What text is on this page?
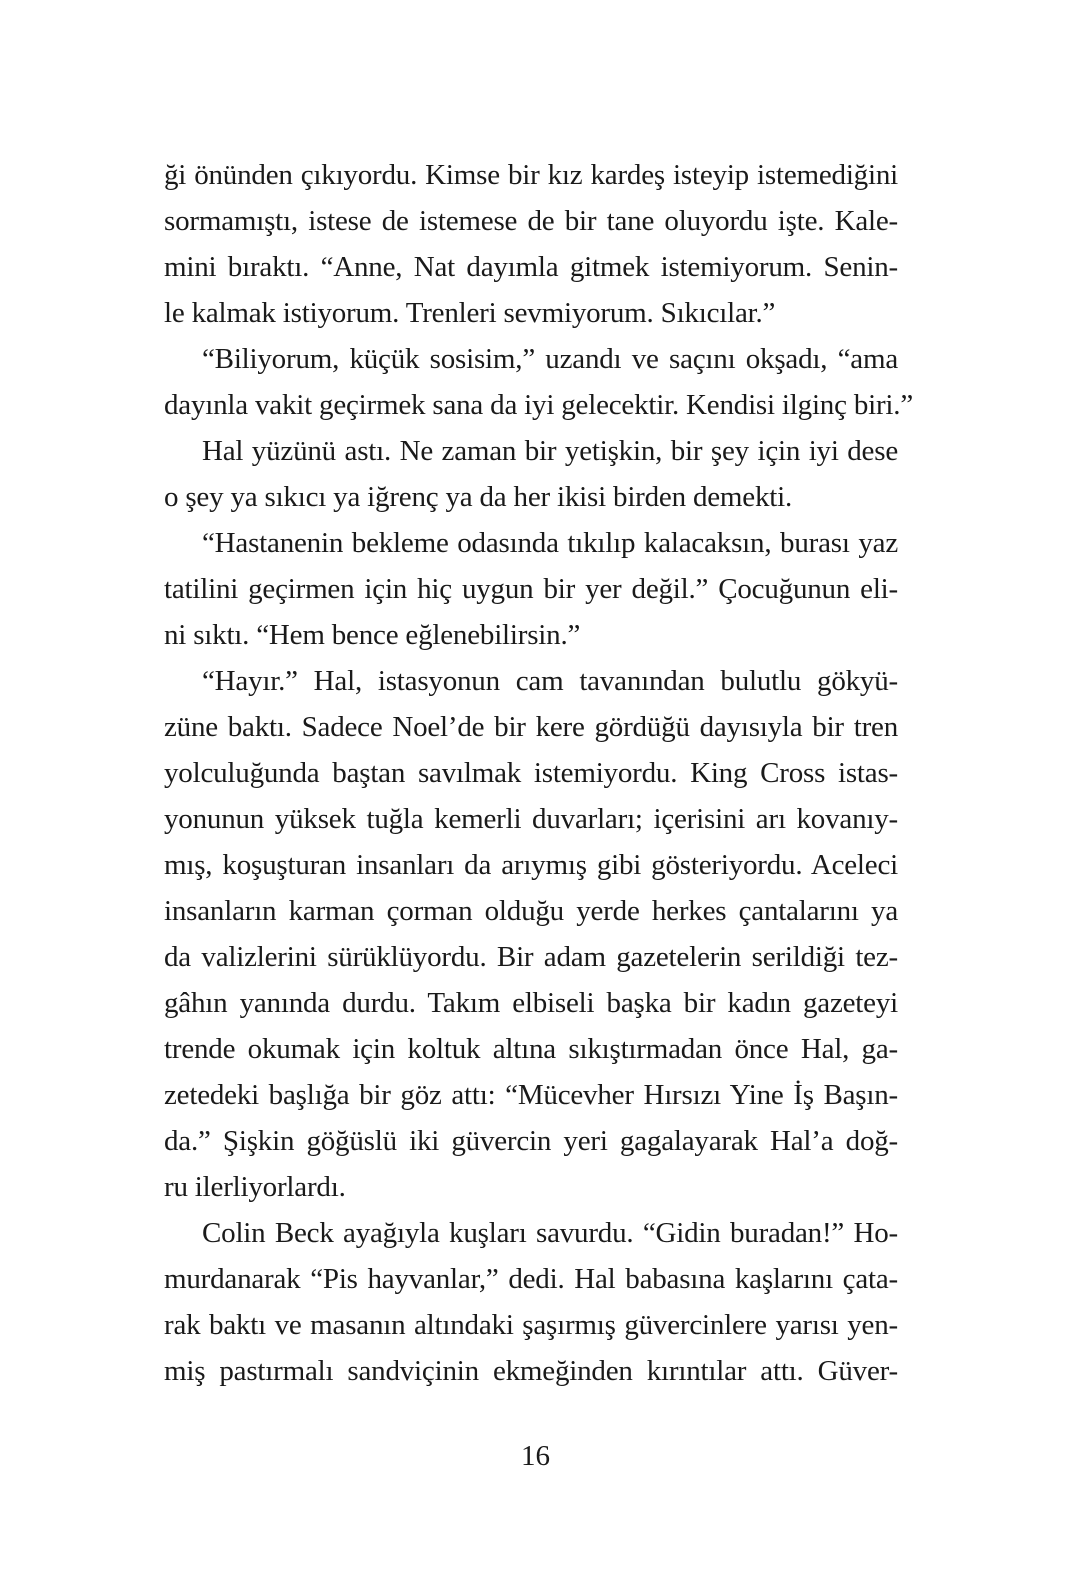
ği önünden çıkıyordu. Kimse bir kız kardeş isteyip istemediğini
sormamıştı, istese de istemese de bir tane oluyordu işte. Kale-
mini bıraktı. “Anne, Nat dayımla gitmek istemiyorum. Senin-
le kalmak istiyorum. Trenleri sevmiyorum. Sıkıcılar.”
“Biliyorum, küçük sosisim,” uzandı ve saçını okşadı, “ama
dayınla vakit geçirmek sana da iyi gelecektir. Kendisi ilginç biri.”
Hal yüzünü astı. Ne zaman bir yetişkin, bir şey için iyi dese
o şey ya sıkıcı ya iğrenç ya da her ikisi birden demekti.
“Hastanenin bekleme odasında tıkılıp kalacaksın, burası yaz
tatilini geçirmen için hiç uygun bir yer değil.” Çocuğunun eli-
ni sıktı. “Hem bence eğlenebilirsin.”
“Hayır.” Hal, istasyonun cam tavanından bulutlu gökyü-
züne baktı. Sadece Noel’de bir kere gördüğü dayısıyla bir tren
yolculuğunda baştan savılmak istemiyordu. King Cross istas-
yonunun yüksek tuğla kemerli duvarları; içerisini arı kovanıy-
mış, koşuşturan insanları da arıymış gibi gösteriyordu. Aceleci
insanların karman çorman olduğu yerde herkes çantalarını ya
da valizlerini sürüklüyordu. Bir adam gazetelerin serildiği tez-
gâhın yanında durdu. Takım elbiseli başka bir kadın gazeteyi
trende okumak için koltuk altına sıkıştırmadan önce Hal, ga-
zetedeki başlığa bir göz attı: “Mücevher Hırsızı Yine İş Başın-
da.” Şişkin göğüslü iki güvercin yeri gagalayarak Hal’a doğ-
ru ilerliyorlardı.
Colin Beck ayağıyla kuşları savurdu. “Gidin buradan!” Ho-
murdanarak “Pis hayvanlar,” dedi. Hal babasına kaşlarını çata-
rak baktı ve masanın altındaki şaşırmış güvercinlere yarısı yen-
miş pastırmalı sandviçinin ekmeğinden kırıntılar attı. Güver-
16
